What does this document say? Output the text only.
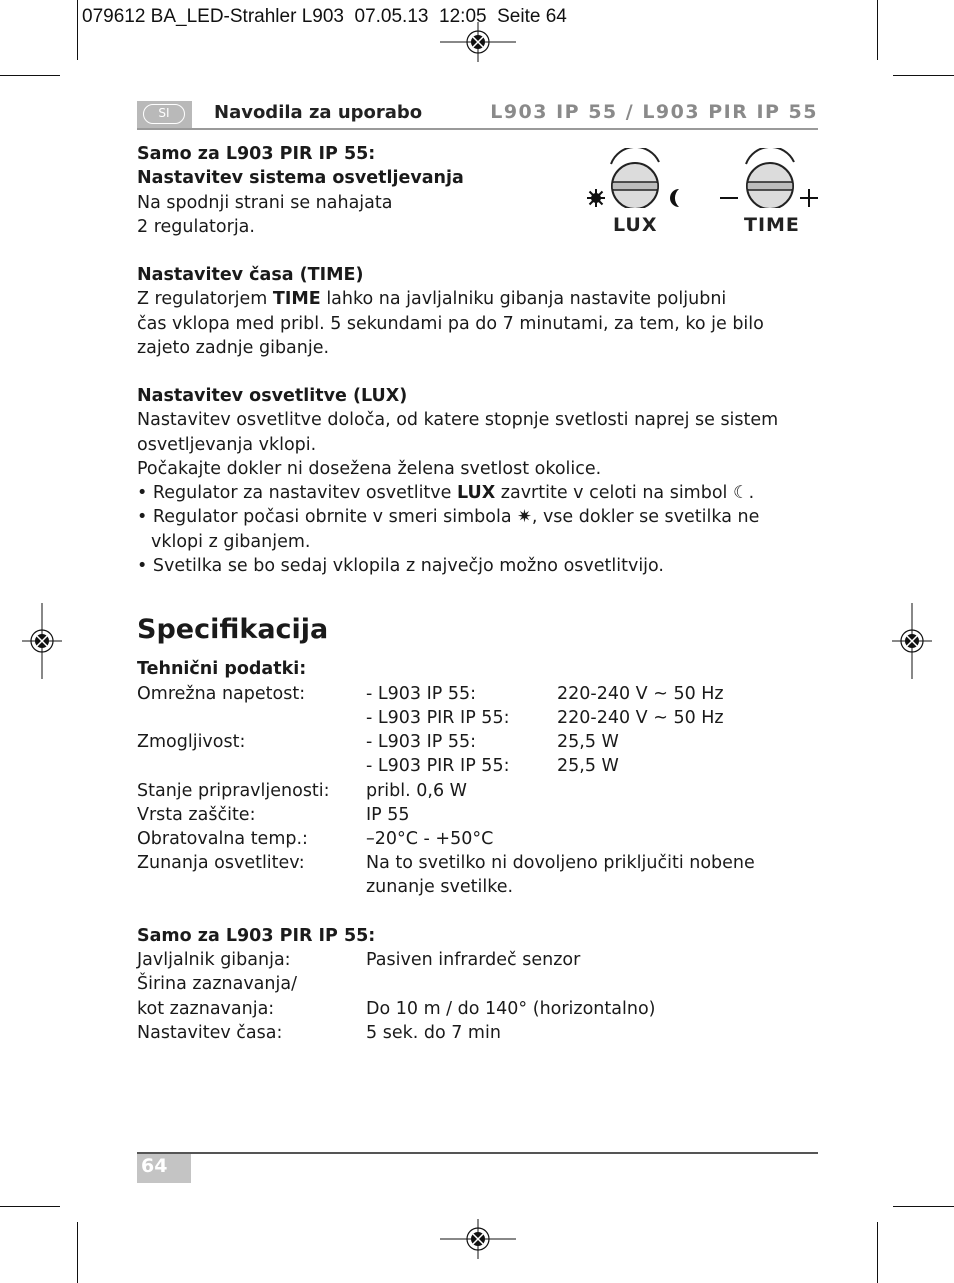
079612 BA_LED-Strahler L903  07.05.13  12:05  Seite 64
SI	Navodila za uporabo	L903 IP 55 / L903 PIR IP 55
Samo za L903 PIR IP 55:
Nastavitev sistema osvetljevanja
Na spodnji strani se nahajata
2 regulatorja.	LUX	TIME
Nastavitev časa (TIME)
Z regulatorjem TIME lahko na javljalniku gibanja nastavite poljubni
čas vklopa med pribl. 5 sekundami pa do 7 minutami, za tem, ko je bilo
zajeto zadnje gibanje.
Nastavitev osvetlitve (LUX)
Nastavitev osvetlitve določa, od katere stopnje svetlosti naprej se sistem
osvetljevanja vklopi.
Počakajte dokler ni dosežena želena svetlost okolice.
• Regulator za nastavitev osvetlitve LUX zavrtite v celoti na simbol ☾.
• Regulator počasi obrnite v smeri simbola ✷, vse dokler se svetilka ne
vklopi z gibanjem.
• Svetilka se bo sedaj vklopila z največjo možno osvetlitvijo.
Specifikacija
Tehnični podatki:
Omrežna napetost:	- L903 IP 55:	220-240 V ~ 50 Hz
- L903 PIR IP 55:	220-240 V ~ 50 Hz
Zmogljivost:	- L903 IP 55:	25,5 W
- L903 PIR IP 55:	25,5 W
Stanje pripravljenosti: pribl. 0,6 W
Vrsta zaščite:	IP 55
Obratovalna temp.:	–20°C - +50°C
Zunanja osvetlitev:	Na to svetilko ni dovoljeno priključiti nobene
zunanje svetilke.
Samo za L903 PIR IP 55:
Javljalnik gibanja:	Pasiven infrardeč senzor
Širina zaznavanja/
kot zaznavanja:	Do 10 m / do 140° (horizontalno)
Nastavitev časa:	5 sek. do 7 min
64
